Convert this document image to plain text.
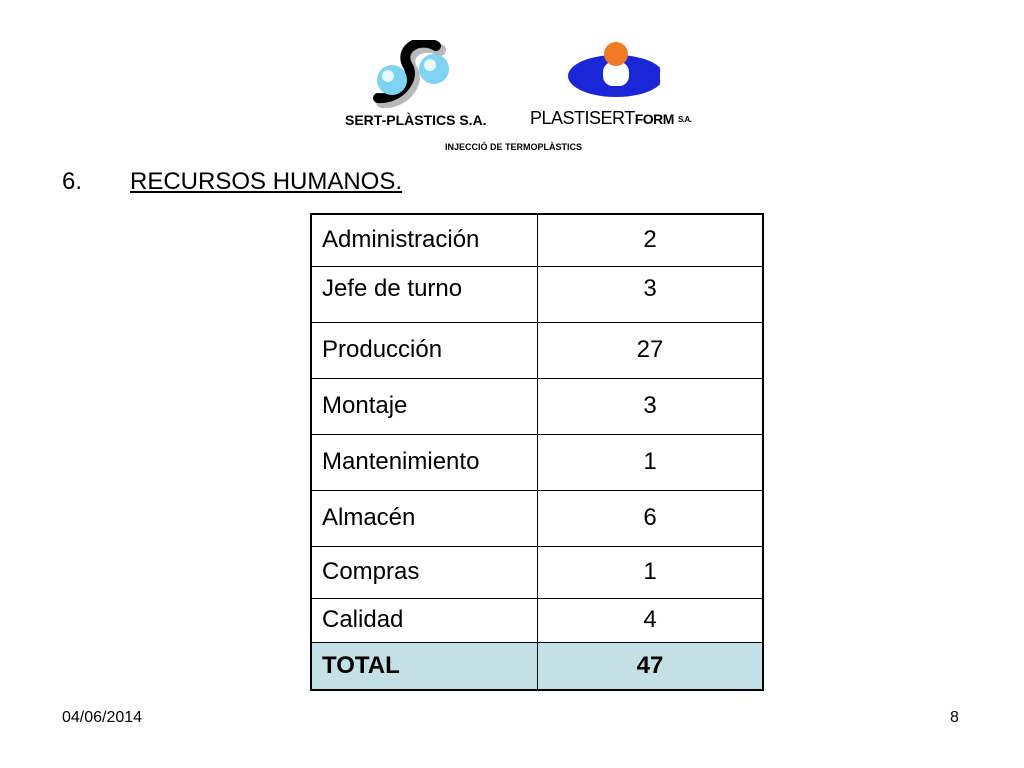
SERT-PLÀSTICS S.A. PLASTISERTFORM S.A.
INJECCIÓ DE TERMOPLÀSTICS
6. RECURSOS HUMANOS.
Administración	2
Jefe de turno	3
Producción	27
Montaje	3
Mantenimiento	1
Almacén	6
Compras	1
Calidad	4
TOTAL	47
04/06/2014	8
